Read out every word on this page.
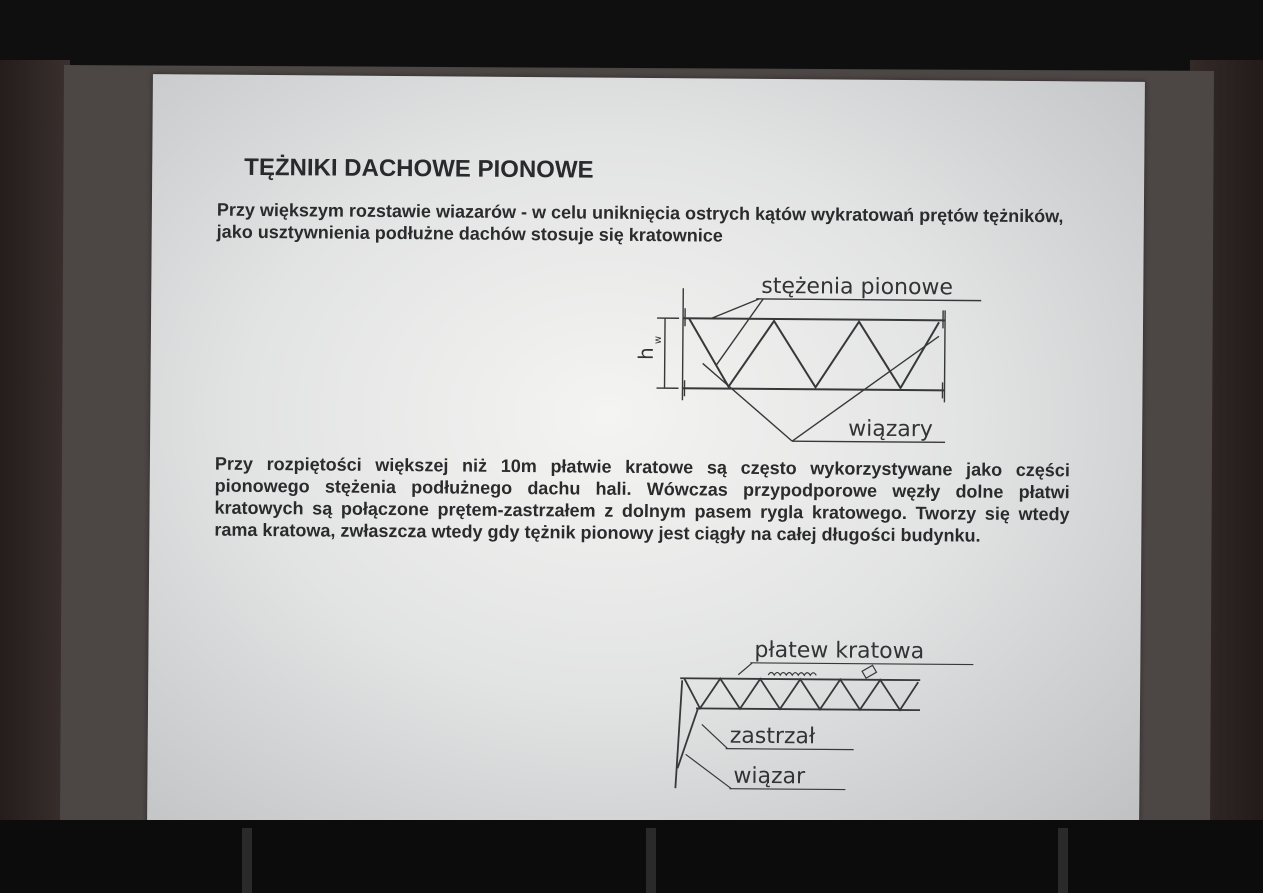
TĘŻNIKI DACHOWE PIONOWE

Przy większym rozstawie wiazarów - w celu uniknięcia ostrych kątów wykratowań prętów tężników, jako usztywnienia podłużne dachów stosuje się kratownice

stężenia pionowe
wiązary
h
w

Przy rozpiętości większej niż 10m płatwie kratowe są często wykorzystywane jako części pionowego stężenia podłużnego dachu hali. Wówczas przypodporowe węzły dolne płatwi kratowych są połączone prętem-zastrzałem z dolnym pasem rygla kratowego. Tworzy się wtedy rama kratowa, zwłaszcza wtedy gdy tężnik pionowy jest ciągły na całej długości budynku.

płatew kratowa
zastrzał
wiązar
